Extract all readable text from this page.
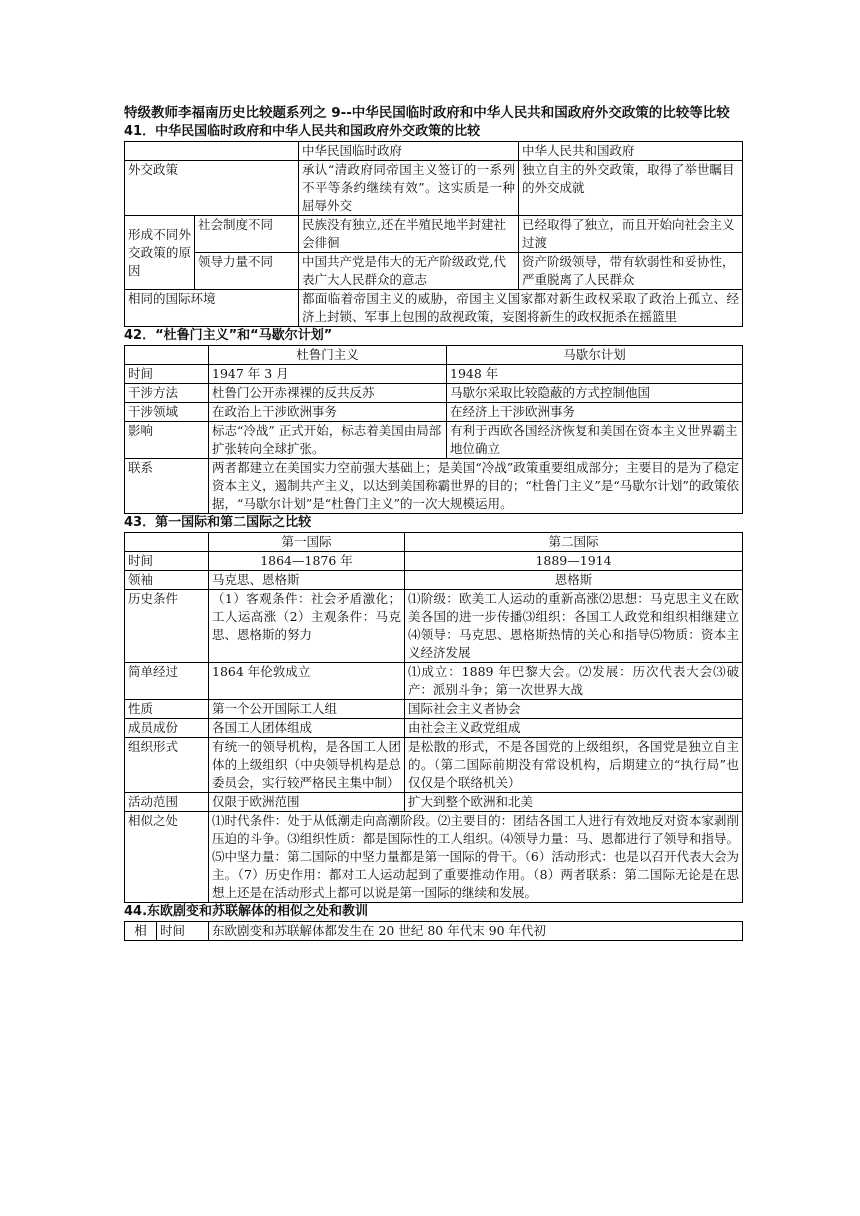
特级教师李福南历史比较题系列之 9--中华民国临时政府和中华人民共和国政府外交政策的比较等比较

41．中华民国临时政府和中华人民共和国政府外交政策的比较

		中华民国临时政府	中华人民共和国政府
外交政策		承认“清政府同帝国主义签订的一系列不平等条约继续有效”。这实质是一种屈辱外交	独立自主的外交政策，取得了举世瞩目的外交成就
形成不同外交政策的原因	社会制度不同	民族没有独立,还在半殖民地半封建社会徘徊	已经取得了独立，而且开始向社会主义过渡
	领导力量不同	中国共产党是伟大的无产阶级政党,代表广大人民群众的意志	资产阶级领导，带有软弱性和妥协性，严重脱离了人民群众
相同的国际环境		都面临着帝国主义的威胁，帝国主义国家都对新生政权采取了政治上孤立、经济上封锁、军事上包围的敌视政策，妄图将新生的政权扼杀在摇篮里	

42．“杜鲁门主义”和“马歇尔计划”

	杜鲁门主义	马歇尔计划
时间	1947 年 3 月	1948 年
干涉方法	杜鲁门公开赤裸裸的反共反苏	马歇尔采取比较隐蔽的方式控制他国
干涉领域	在政治上干涉欧洲事务	在经济上干涉欧洲事务
影响	标志“冷战” 正式开始，标志着美国由局部扩张转向全球扩张。	有利于西欧各国经济恢复和美国在资本主义世界霸主地位确立
联系	两者都建立在美国实力空前强大基础上；是美国“冷战”政策重要组成部分；主要目的是为了稳定资本主义，遏制共产主义，以达到美国称霸世界的目的；“杜鲁门主义”是“马歇尔计划”的政策依据，“马歇尔计划”是“杜鲁门主义”的一次大规模运用。	

43．第一国际和第二国际之比较

	第一国际	第二国际
时间	1864—1876 年	1889—1914
领袖	马克思、恩格斯	恩格斯
历史条件	（1）客观条件：社会矛盾激化；工人运高涨（2）主观条件：马克思、恩格斯的努力	⑴阶级：欧美工人运动的重新高涨⑵思想：马克思主义在欧美各国的进一步传播⑶组织：各国工人政党和组织相继建立⑷领导：马克思、恩格斯热情的关心和指导⑸物质：资本主义经济发展
简单经过	1864 年伦敦成立	⑴成立：1889 年巴黎大会。⑵发展：历次代表大会⑶破产：派别斗争；第一次世界大战
性质	第一个公开国际工人组	国际社会主义者协会
成员成份	各国工人团体组成	由社会主义政党组成
组织形式	有统一的领导机构，是各国工人团体的上级组织（中央领导机构是总委员会，实行较严格民主集中制）	是松散的形式，不是各国党的上级组织，各国党是独立自主的。（第二国际前期没有常设机构，后期建立的“执行局”也仅仅是个联络机关）
活动范围	仅限于欧洲范围	扩大到整个欧洲和北美
相似之处	⑴时代条件：处于从低潮走向高潮阶段。⑵主要目的：团结各国工人进行有效地反对资本家剥削压迫的斗争。⑶组织性质：都是国际性的工人组织。⑷领导力量：马、恩都进行了领导和指导。⑸中坚力量：第二国际的中坚力量都是第一国际的骨干。（6）活动形式：也是以召开代表大会为主。（7）历史作用：都对工人运动起到了重要推动作用。（8）两者联系：第二国际无论是在思想上还是在活动形式上都可以说是第一国际的继续和发展。	

44.东欧剧变和苏联解体的相似之处和教训

相	时间	东欧剧变和苏联解体都发生在 20 世纪 80 年代末 90 年代初
